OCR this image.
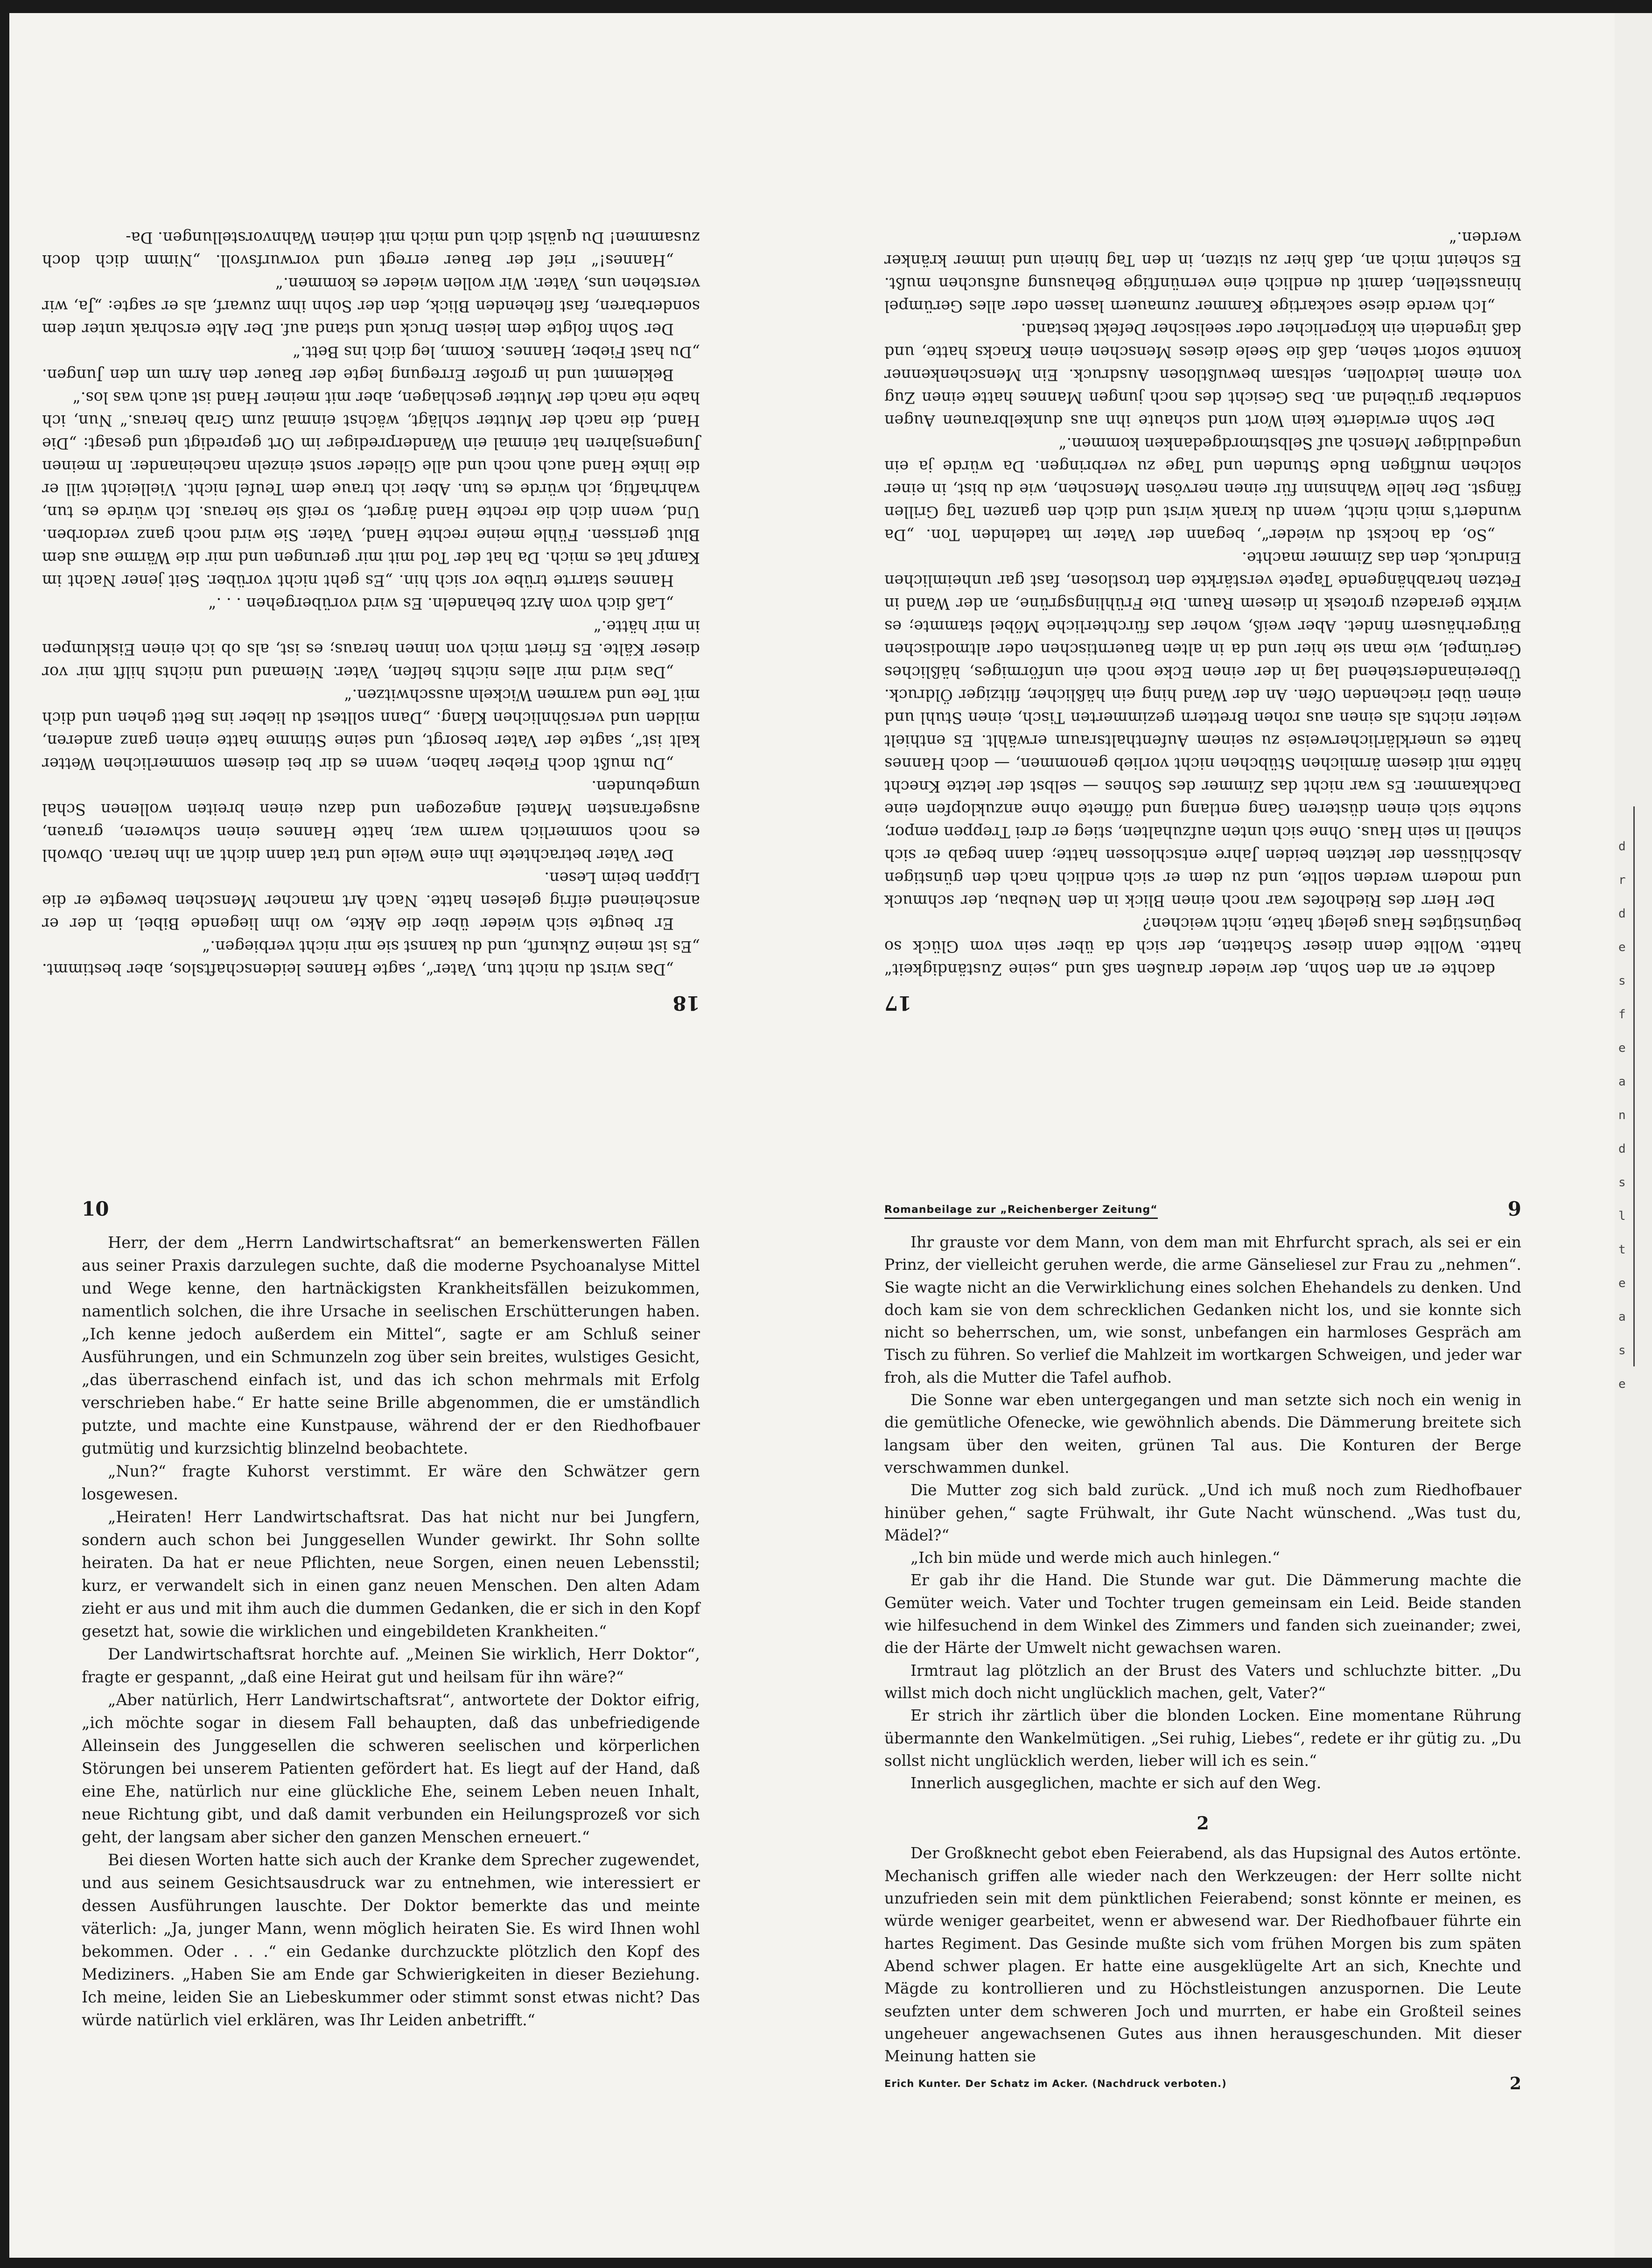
d
r
d
e
s
f
e
a
n
d
s
l
t
e
a
s
e
18

„Das wirst du nicht tun, Vater“, sagte Hannes leidenschaftslos, aber bestimmt. „Es ist meine Zukunft, und du kannst sie mir nicht verbiegen.“

Er beugte sich wieder über die Akte, wo ihm liegende Bibel, in der er anscheinend eifrig gelesen hatte. Nach Art mancher Menschen bewegte er die Lippen beim Lesen.

Der Vater betrachtete ihn eine Weile und trat dann dicht an ihn heran. Obwohl es noch sommerlich warm war, hatte Hannes einen schweren, grauen, ausgefransten Mantel angezogen und dazu einen breiten wollenen Schal umgebunden.

„Du mußt doch Fieber haben, wenn es dir bei diesem sommerlichen Wetter kalt ist“, sagte der Vater besorgt, und seine Stimme hatte einen ganz anderen, milden und versöhnlichen Klang. „Dann solltest du lieber ins Bett gehen und dich mit Tee und warmen Wickeln ausschwitzen.“

„Das wird mir alles nichts helfen, Vater. Niemand und nichts hilft mir vor dieser Kälte. Es friert mich von innen heraus; es ist, als ob ich einen Eisklumpen in mir hätte.“

„Laß dich vom Arzt behandeln. Es wird vorübergehen . . .“

Hannes starrte trübe vor sich hin. „Es geht nicht vorüber. Seit jener Nacht im Kampf hat es mich. Da hat der Tod mit mir gerungen und mir die Wärme aus dem Blut gerissen. Fühle meine rechte Hand, Vater. Sie wird noch ganz verdorben. Und, wenn dich die rechte Hand ärgert, so reiß sie heraus. Ich würde es tun, wahrhaftig, ich würde es tun. Aber ich traue dem Teufel nicht. Vielleicht will er die linke Hand auch noch und alle Glieder sonst einzeln nacheinander. In meinen Jungensjahren hat einmal ein Wanderprediger im Ort gepredigt und gesagt: „Die Hand, die nach der Mutter schlägt, wächst einmal zum Grab heraus.“ Nun, ich habe nie nach der Mutter geschlagen, aber mit meiner Hand ist auch was los.“

Beklemmt und in großer Erregung legte der Bauer den Arm um den Jungen. „Du hast Fieber, Hannes. Komm, leg dich ins Bett.“

Der Sohn folgte dem leisen Druck und stand auf. Der Alte erschrak unter dem sonderbaren, fast flehenden Blick, den der Sohn ihm zuwarf, als er sagte: „Ja, wir verstehen uns, Vater. Wir wollen wieder es kommen.“

„Hannes!“ rief der Bauer erregt und vorwurfsvoll. „Nimm dich doch zusammen! Du quälst dich und mich mit deinen Wahnvorstellungen. Da-

17

dachte er an den Sohn, der wieder draußen saß und „seine Zuständigkeit“ hatte. Wollte denn dieser Schatten, der sich da über sein vom Glück so begünstigtes Haus gelegt hatte, nicht weichen?

Der Herr des Riedhofes war noch einen Blick in den Neubau, der schmuck und modern werden sollte, und zu dem er sich endlich nach den günstigen Abschlüssen der letzten beiden Jahre entschlossen hatte; dann begab er sich schnell in sein Haus. Ohne sich unten aufzuhalten, stieg er drei Treppen empor, suchte sich einen düsteren Gang entlang und öffnete ohne anzuklopfen eine Dachkammer. Es war nicht das Zimmer des Sohnes — selbst der letzte Knecht hätte mit diesem ärmlichen Stübchen nicht vorlieb genommen, — doch Hannes hatte es unerklärlicherweise zu seinem Aufenthaltsraum erwählt. Es enthielt weiter nichts als einen aus rohen Brettern gezimmerten Tisch, einen Stuhl und einen übel riechenden Ofen. An der Wand hing ein häßlicher, flitziger Öldruck. Übereinanderstehend lag in der einen Ecke noch ein unförmiges, häßliches Gerümpel, wie man sie hier und da in alten Bauerntischen oder altmodischen Bürgerhäusern findet. Aber weiß, woher das fürchterliche Möbel stammte; es wirkte geradezu grotesk in diesem Raum. Die Frühlingsgrüne, an der Wand in Fetzen herabhängende Tapete verstärkte den trostlosen, fast gar unheimlichen Eindruck, den das Zimmer machte.

„So, da hockst du wieder“, begann der Vater im tadelnden Ton. „Da wundert's mich nicht, wenn du krank wirst und dich den ganzen Tag Grillen fängst. Der helle Wahnsinn für einen nervösen Menschen, wie du bist, in einer solchen muffigen Bude Stunden und Tage zu verbringen. Da würde ja ein ungeduldiger Mensch auf Selbstmordgedanken kommen.“

Der Sohn erwiderte kein Wort und schaute ihn aus dunkelbraunen Augen sonderbar grübelnd an. Das Gesicht des noch jungen Mannes hatte einen Zug von einem leidvollen, seltsam bewußtlosen Ausdruck. Ein Menschenkenner konnte sofort sehen, daß die Seele dieses Menschen einen Knacks hatte, und daß irgendein ein körperlicher oder seelischer Defekt bestand.

„Ich werde diese sackartige Kammer zumauern lassen oder alles Gerümpel hinausstellen, damit du endlich eine vernünftige Behausung aufsuchen mußt. Es scheint mich an, daß hier zu sitzen, in den Tag hinein und immer kränker werden.“

10

Herr, der dem „Herrn Landwirtschaftsrat“ an bemerkenswerten Fällen aus seiner Praxis darzulegen suchte, daß die moderne Psychoanalyse Mittel und Wege kenne, den hartnäckigsten Krankheitsfällen beizukommen, namentlich solchen, die ihre Ursache in seelischen Erschütterungen haben. „Ich kenne jedoch außerdem ein Mittel“, sagte er am Schluß seiner Ausführungen, und ein Schmunzeln zog über sein breites, wulstiges Gesicht, „das überraschend einfach ist, und das ich schon mehrmals mit Erfolg verschrieben habe.“ Er hatte seine Brille abgenommen, die er umständlich putzte, und machte eine Kunstpause, während der er den Riedhofbauer gutmütig und kurzsichtig blinzelnd beobachtete.

„Nun?“ fragte Kuhorst verstimmt. Er wäre den Schwätzer gern losgewesen.

„Heiraten! Herr Landwirtschaftsrat. Das hat nicht nur bei Jungfern, sondern auch schon bei Junggesellen Wunder gewirkt. Ihr Sohn sollte heiraten. Da hat er neue Pflichten, neue Sorgen, einen neuen Lebensstil; kurz, er verwandelt sich in einen ganz neuen Menschen. Den alten Adam zieht er aus und mit ihm auch die dummen Gedanken, die er sich in den Kopf gesetzt hat, sowie die wirklichen und eingebildeten Krankheiten.“

Der Landwirtschaftsrat horchte auf. „Meinen Sie wirklich, Herr Doktor“, fragte er gespannt, „daß eine Heirat gut und heilsam für ihn wäre?“

„Aber natürlich, Herr Landwirtschaftsrat“, antwortete der Doktor eifrig, „ich möchte sogar in diesem Fall behaupten, daß das unbefriedigende Alleinsein des Junggesellen die schweren seelischen und körperlichen Störungen bei unserem Patienten gefördert hat. Es liegt auf der Hand, daß eine Ehe, natürlich nur eine glückliche Ehe, seinem Leben neuen Inhalt, neue Richtung gibt, und daß damit verbunden ein Heilungsprozeß vor sich geht, der langsam aber sicher den ganzen Menschen erneuert.“

Bei diesen Worten hatte sich auch der Kranke dem Sprecher zugewendet, und aus seinem Gesichtsausdruck war zu entnehmen, wie interessiert er dessen Ausführungen lauschte. Der Doktor bemerkte das und meinte väterlich: „Ja, junger Mann, wenn möglich heiraten Sie. Es wird Ihnen wohl bekommen. Oder . . .“ ein Gedanke durchzuckte plötzlich den Kopf des Mediziners. „Haben Sie am Ende gar Schwierigkeiten in dieser Beziehung. Ich meine, leiden Sie an Liebeskummer oder stimmt sonst etwas nicht? Das würde natürlich viel erklären, was Ihr Leiden anbetrifft.“

Romanbeilage zur „Reichenberger Zeitung“	9

Ihr grauste vor dem Mann, von dem man mit Ehrfurcht sprach, als sei er ein Prinz, der vielleicht geruhen werde, die arme Gänseliesel zur Frau zu „nehmen“. Sie wagte nicht an die Verwirklichung eines solchen Ehehandels zu denken. Und doch kam sie von dem schrecklichen Gedanken nicht los, und sie konnte sich nicht so beherrschen, um, wie sonst, unbefangen ein harmloses Gespräch am Tisch zu führen. So verlief die Mahlzeit im wortkargen Schweigen, und jeder war froh, als die Mutter die Tafel aufhob.

Die Sonne war eben untergegangen und man setzte sich noch ein wenig in die gemütliche Ofenecke, wie gewöhnlich abends. Die Dämmerung breitete sich langsam über den weiten, grünen Tal aus. Die Konturen der Berge verschwammen dunkel.

Die Mutter zog sich bald zurück. „Und ich muß noch zum Riedhofbauer hinüber gehen,“ sagte Frühwalt, ihr Gute Nacht wünschend. „Was tust du, Mädel?“

„Ich bin müde und werde mich auch hinlegen.“

Er gab ihr die Hand. Die Stunde war gut. Die Dämmerung machte die Gemüter weich. Vater und Tochter trugen gemeinsam ein Leid. Beide standen wie hilfesuchend in dem Winkel des Zimmers und fanden sich zueinander; zwei, die der Härte der Umwelt nicht gewachsen waren.

Irmtraut lag plötzlich an der Brust des Vaters und schluchzte bitter. „Du willst mich doch nicht unglücklich machen, gelt, Vater?“

Er strich ihr zärtlich über die blonden Locken. Eine momentane Rührung übermannte den Wankelmütigen. „Sei ruhig, Liebes“, redete er ihr gütig zu. „Du sollst nicht unglücklich werden, lieber will ich es sein.“

Innerlich ausgeglichen, machte er sich auf den Weg.

2

Der Großknecht gebot eben Feierabend, als das Hupsignal des Autos ertönte. Mechanisch griffen alle wieder nach den Werkzeugen: der Herr sollte nicht unzufrieden sein mit dem pünktlichen Feierabend; sonst könnte er meinen, es würde weniger gearbeitet, wenn er abwesend war. Der Riedhofbauer führte ein hartes Regiment. Das Gesinde mußte sich vom frühen Morgen bis zum späten Abend schwer plagen. Er hatte eine ausgeklügelte Art an sich, Knechte und Mägde zu kontrollieren und zu Höchstleistungen anzuspornen. Die Leute seufzten unter dem schweren Joch und murrten, er habe ein Großteil seines ungeheuer angewachsenen Gutes aus ihnen herausgeschunden. Mit dieser Meinung hatten sie

Erich Kunter. Der Schatz im Acker. (Nachdruck verboten.)	2
